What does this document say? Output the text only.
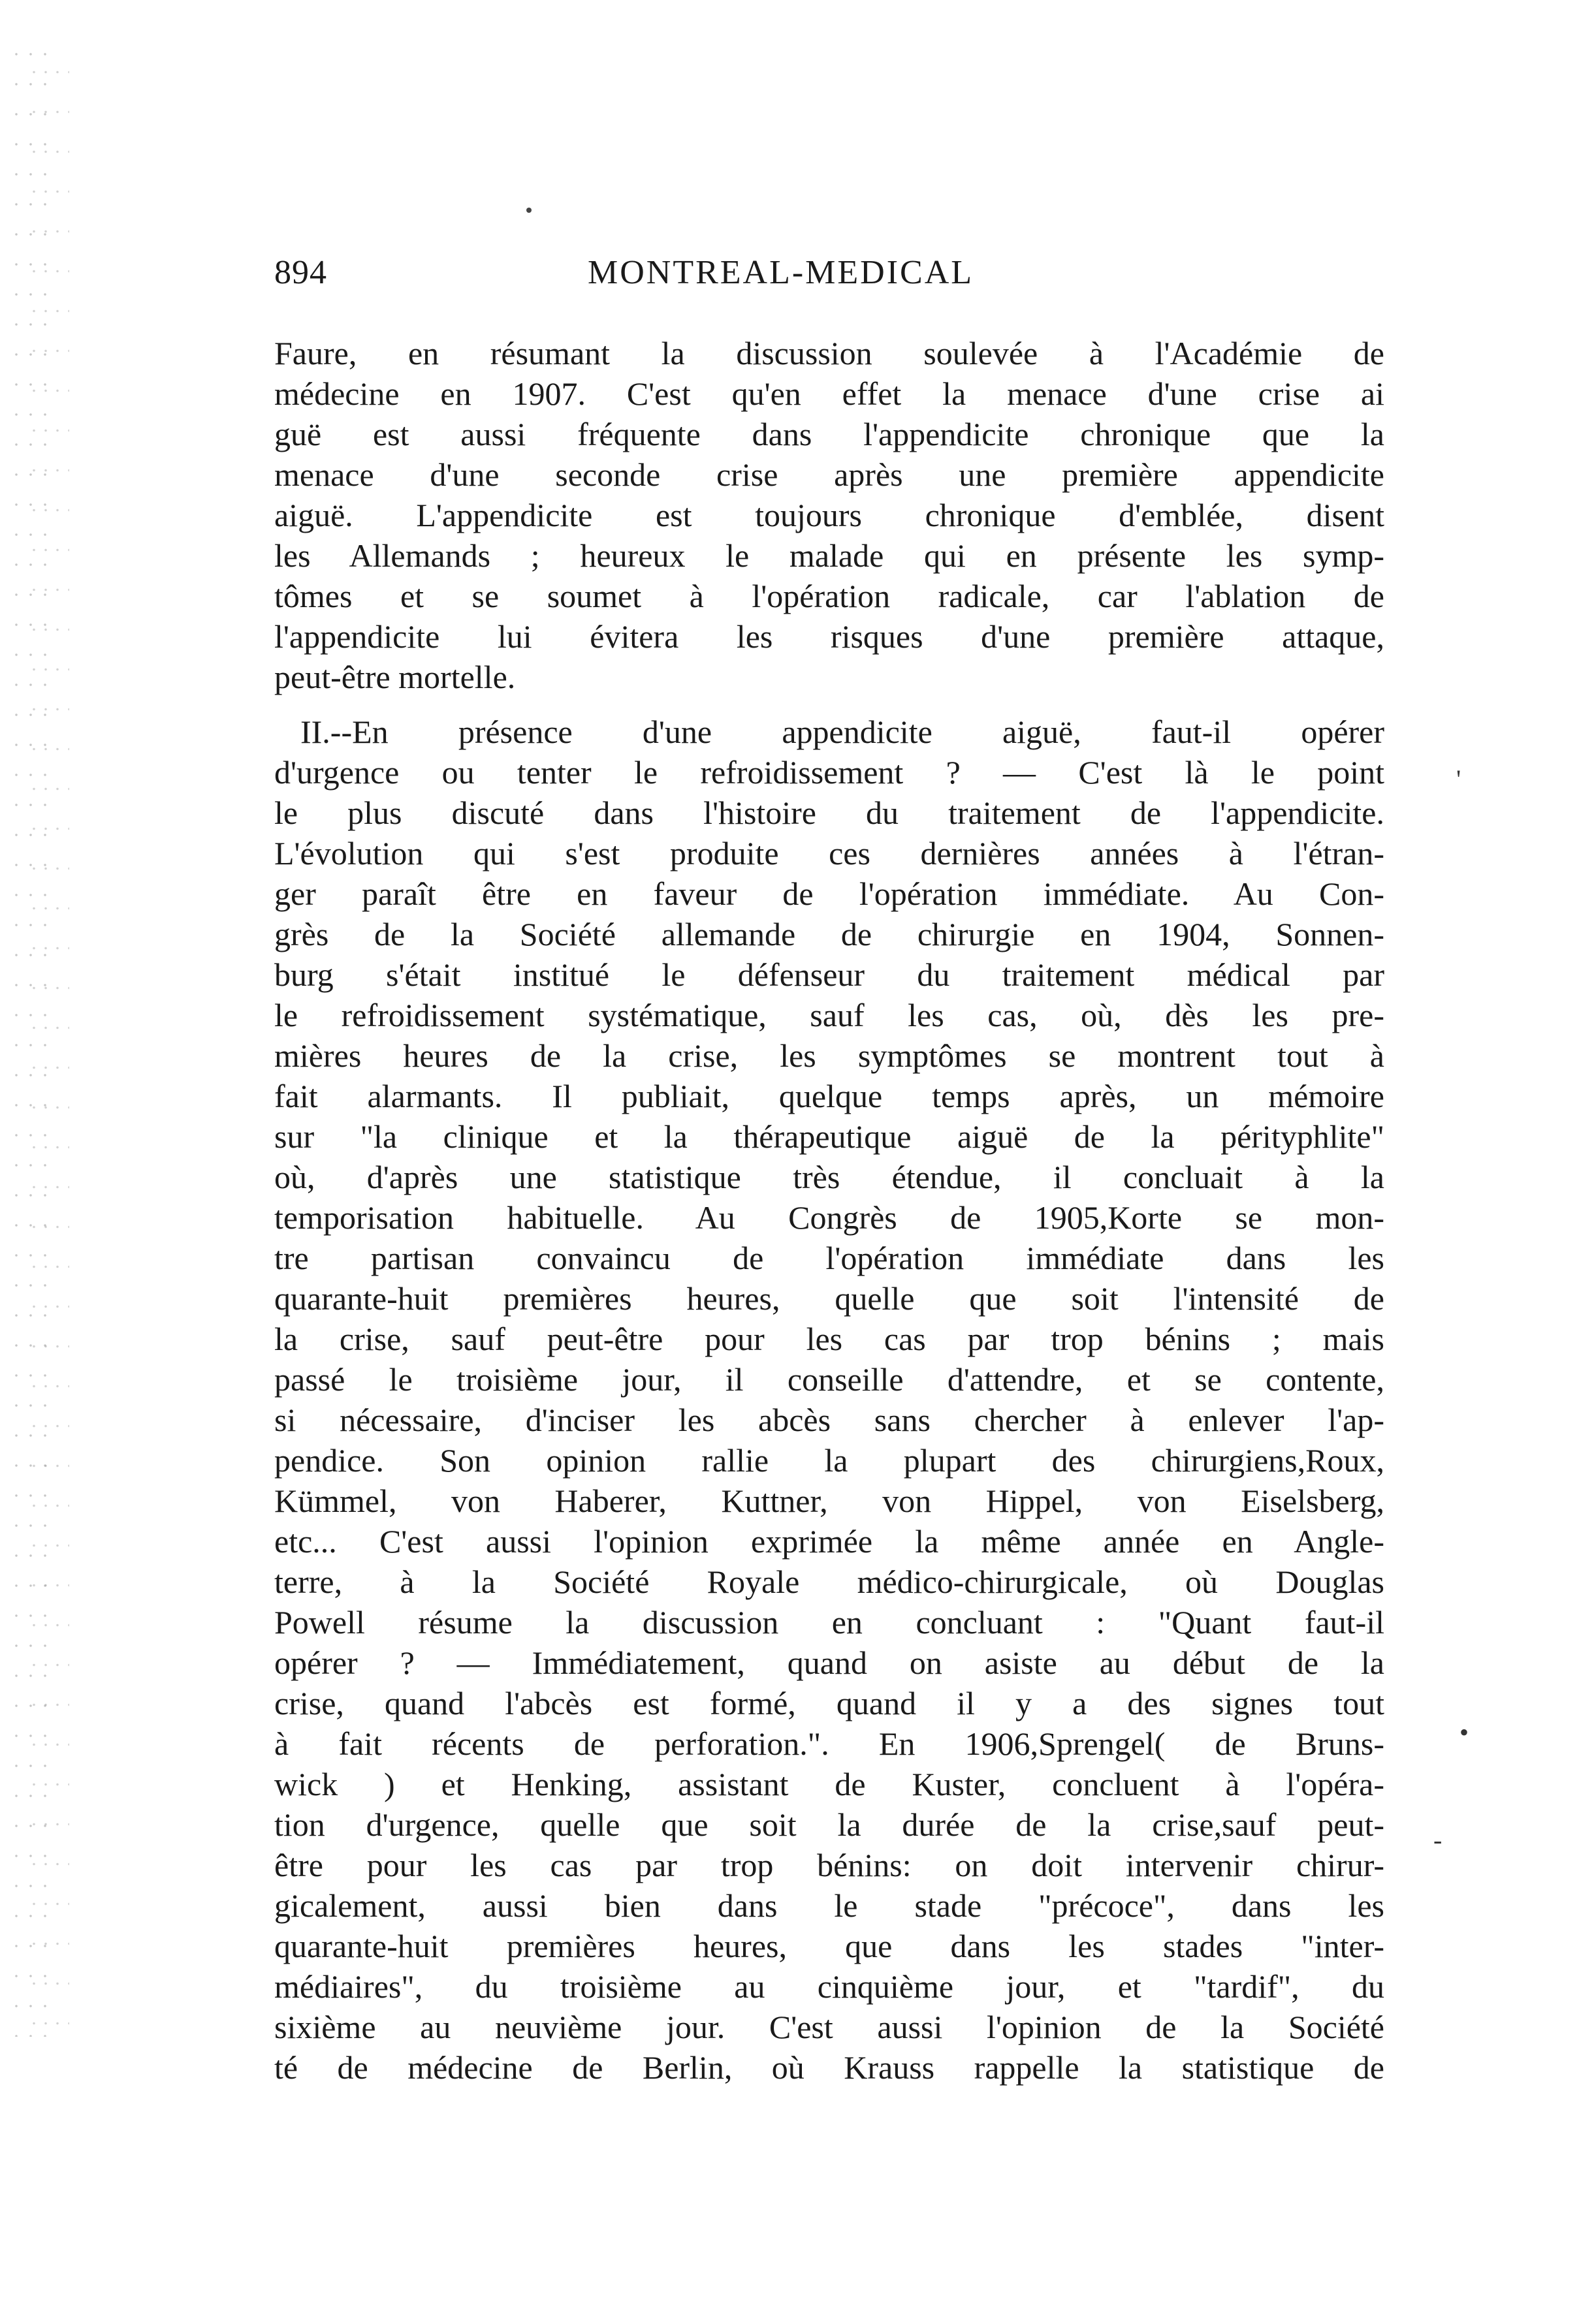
894	MONTREAL-MEDICAL
Faure, en résumant la discussion soulevée à l'Académie de
médecine en 1907. C'est qu'en effet la menace d'une crise ai
guë est aussi fréquente dans l'appendicite chronique que la
menace d'une seconde crise après une première appendicite
aiguë. L'appendicite est toujours chronique d'emblée, disent
les Allemands ; heureux le malade qui en présente les symp-
tômes et se soumet à l'opération radicale, car l'ablation de
l'appendicite lui évitera les risques d'une première attaque,
peut-être mortelle.
II.--En présence d'une appendicite aiguë, faut-il opérer
d'urgence ou tenter le refroidissement ? — C'est là le point
le plus discuté dans l'histoire du traitement de l'appendicite.
L'évolution qui s'est produite ces dernières années à l'étran-
ger paraît être en faveur de l'opération immédiate. Au Con-
grès de la Société allemande de chirurgie en 1904, Sonnen-
burg s'était institué le défenseur du traitement médical par
le refroidissement systématique, sauf les cas, où, dès les pre-
mières heures de la crise, les symptômes se montrent tout à
fait alarmants. Il publiait, quelque temps après, un mémoire
sur "la clinique et la thérapeutique aiguë de la pérityphlite"
où, d'après une statistique très étendue, il concluait à la
temporisation habituelle. Au Congrès de 1905,Korte se mon-
tre partisan convaincu de l'opération immédiate dans les
quarante-huit premières heures, quelle que soit l'intensité de
la crise, sauf peut-être pour les cas par trop bénins ; mais
passé le troisième jour, il conseille d'attendre, et se contente,
si nécessaire, d'inciser les abcès sans chercher à enlever l'ap-
pendice. Son opinion rallie la plupart des chirurgiens,Roux,
Kümmel, von Haberer, Kuttner, von Hippel, von Eiselsberg,
etc... C'est aussi l'opinion exprimée la même année en Angle-
terre, à la Société Royale médico-chirurgicale, où Douglas
Powell résume la discussion en concluant : "Quant faut-il
opérer ? — Immédiatement, quand on asiste au début de la
crise, quand l'abcès est formé, quand il y a des signes tout
à fait récents de perforation.". En 1906,Sprengel( de Bruns-
wick ) et Henking, assistant de Kuster, concluent à l'opéra-
tion d'urgence, quelle que soit la durée de la crise,sauf peut-
être pour les cas par trop bénins: on doit intervenir chirur-
gicalement, aussi bien dans le stade "précoce", dans les
quarante-huit premières heures, que dans les stades "inter-
médiaires", du troisième au cinquième jour, et "tardif", du
sixième au neuvième jour. C'est aussi l'opinion de la Société
té de médecine de Berlin, où Krauss rappelle la statistique de
'
•
-
